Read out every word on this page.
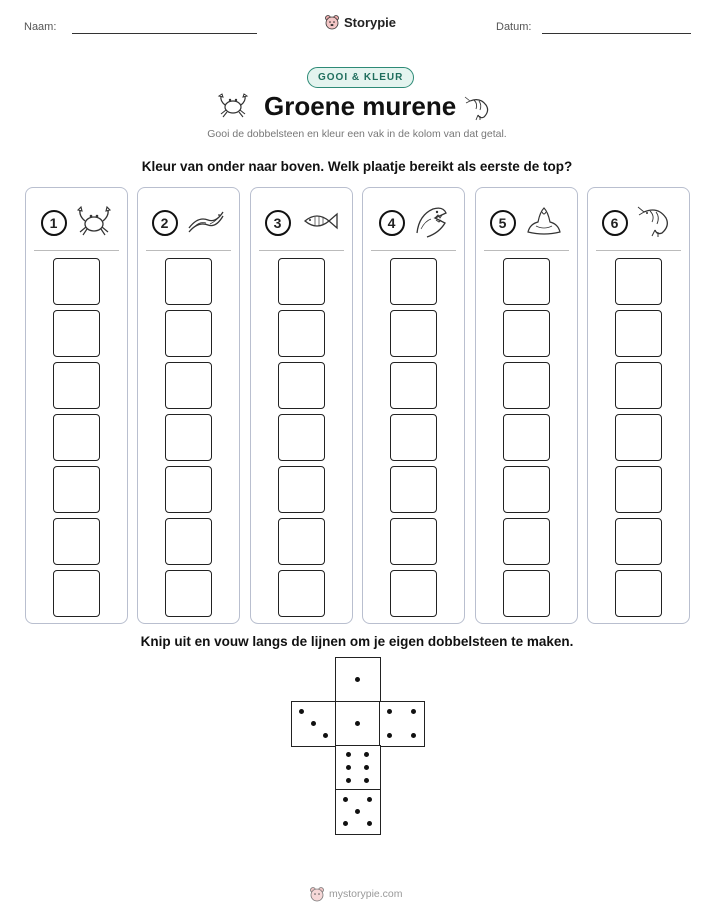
Naam:	Storypie	Datum:
GOOI & KLEUR
Groene murene
Gooi de dobbelsteen en kleur een vak in de kolom van dat getal.
Kleur van onder naar boven. Welk plaatje bereikt als eerste de top?
1	2	3	4	5	6
Knip uit en vouw langs de lijnen om je eigen dobbelsteen te maken.
mystorypie.com
